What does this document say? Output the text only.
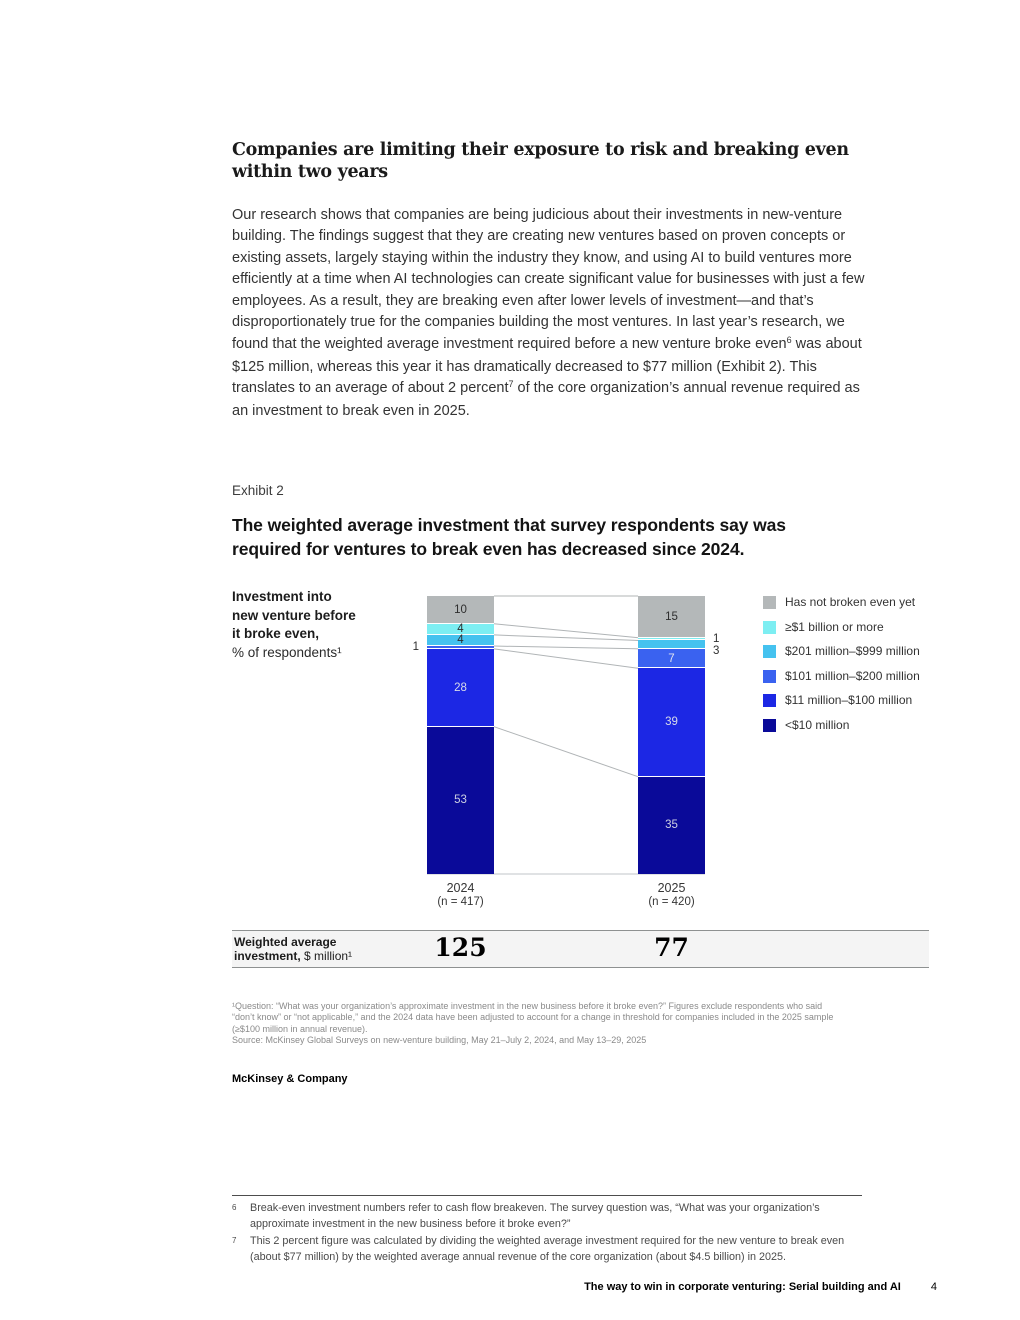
Companies are limiting their exposure to risk and breaking even
within two years

Our research shows that companies are being judicious about their investments in new-venture building. The findings suggest that they are creating new ventures based on proven concepts or existing assets, largely staying within the industry they know, and using AI to build ventures more efficiently at a time when AI technologies can create significant value for businesses with just a few employees. As a result, they are breaking even after lower levels of investment—and that’s disproportionately true for the companies building the most ventures. In last year’s research, we found that the weighted average investment required before a new venture broke even$^6$ was about $125 million, whereas this year it has dramatically decreased to $77 million (Exhibit 2). This translates to an average of about 2 percent$^7$ of the core organization’s annual revenue required as an investment to break even in 2025.

Exhibit 2
The weighted average investment that survey respondents say was
required for ventures to break even has decreased since 2024.
Investment into
new venture before
it broke even,
% of respondents¹
10
4
4
1
28
53
2024
(n = 417)
15
1
3
7
39
35
2025
(n = 420)
Has not broken even yet
≥$1 billion or more
$201 million–$999 million
$101 million–$200 million
$11 million–$100 million
<$10 million
Weighted average
investment, $ million¹	125	77
¹Question: “What was your organization’s approximate investment in the new business before it broke even?” Figures exclude respondents who said
“don’t know” or “not applicable,” and the 2024 data have been adjusted to account for a change in threshold for companies included in the 2025 sample
(≥$100 million in annual revenue).
Source: McKinsey Global Surveys on new-venture building, May 21–July 2, 2024, and May 13–29, 2025
McKinsey & Company
6 Break-even investment numbers refer to cash flow breakeven. The survey question was, “What was your organization’s approximate investment in the new business before it broke even?”
7 This 2 percent figure was calculated by dividing the weighted average investment required for the new venture to break even (about $77 million) by the weighted average annual revenue of the core organization (about $4.5 billion) in 2025.
The way to win in corporate venturing: Serial building and AI	4
